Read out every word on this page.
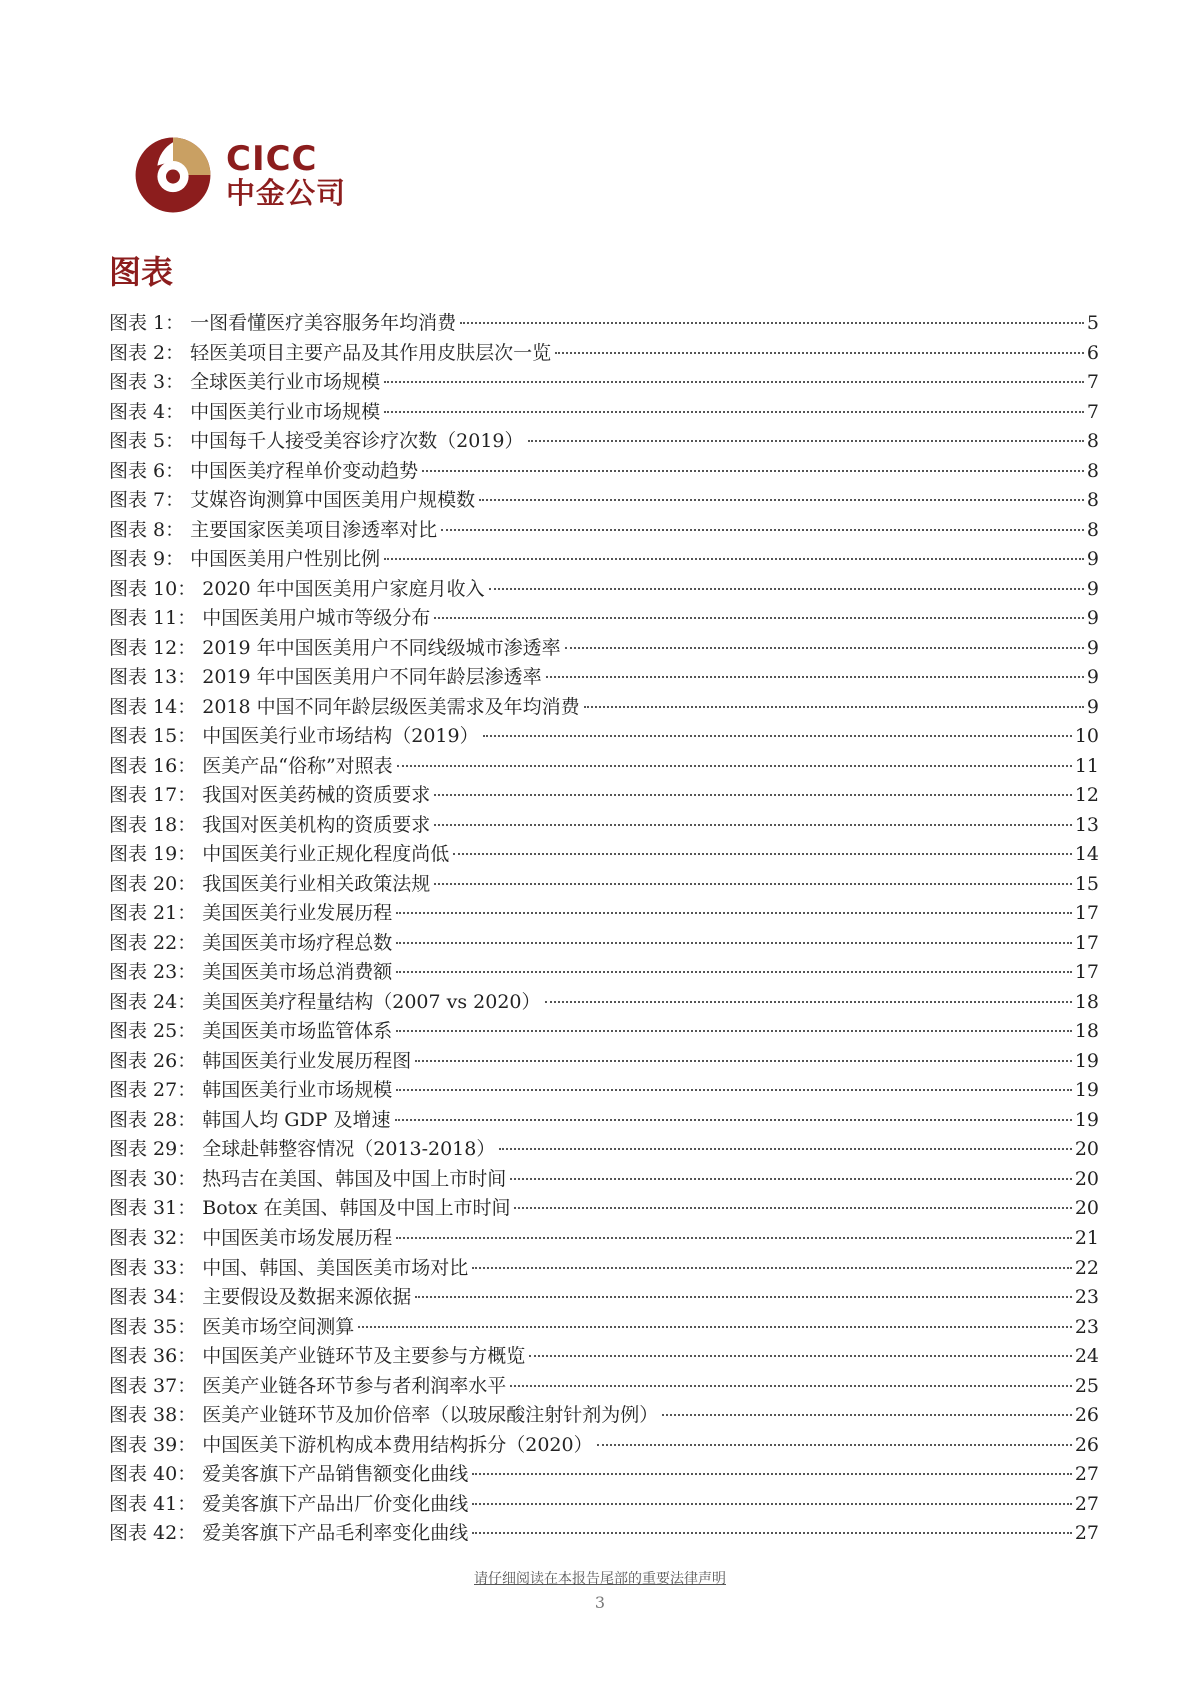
CICC
中金公司
图表
图表 1 ： 一图看懂医疗美容服务年均消费	5
图表 2 ： 轻医美项目主要产品及其作用皮肤层次一览	6
图表 3 ： 全球医美行业市场规模	7
图表 4 ： 中国医美行业市场规模	7
图表 5 ： 中国每千人接受美容诊疗次数（2019）	8
图表 6 ： 中国医美疗程单价变动趋势	8
图表 7 ： 艾媒咨询测算中国医美用户规模数	8
图表 8 ： 主要国家医美项目渗透率对比	8
图表 9 ： 中国医美用户性别比例	9
图表 10 ： 2020 年中国医美用户家庭月收入	9
图表 11 ： 中国医美用户城市等级分布	9
图表 12 ： 2019 年中国医美用户不同线级城市渗透率	9
图表 13 ： 2019 年中国医美用户不同年龄层渗透率	9
图表 14 ： 2018 中国不同年龄层级医美需求及年均消费	9
图表 15 ： 中国医美行业市场结构（2019）	10
图表 16 ： 医美产品“俗称”对照表	11
图表 17 ： 我国对医美药械的资质要求	12
图表 18 ： 我国对医美机构的资质要求	13
图表 19 ： 中国医美行业正规化程度尚低	14
图表 20 ： 我国医美行业相关政策法规	15
图表 21 ： 美国医美行业发展历程	17
图表 22 ： 美国医美市场疗程总数	17
图表 23 ： 美国医美市场总消费额	17
图表 24 ： 美国医美疗程量结构（2007 vs 2020）	18
图表 25 ： 美国医美市场监管体系	18
图表 26 ： 韩国医美行业发展历程图	19
图表 27 ： 韩国医美行业市场规模	19
图表 28 ： 韩国人均 GDP 及增速	19
图表 29 ： 全球赴韩整容情况（2013-2018）	20
图表 30 ： 热玛吉在美国、韩国及中国上市时间	20
图表 31 ： Botox 在美国、韩国及中国上市时间	20
图表 32 ： 中国医美市场发展历程	21
图表 33 ： 中国、韩国、美国医美市场对比	22
图表 34 ： 主要假设及数据来源依据	23
图表 35 ： 医美市场空间测算	23
图表 36 ： 中国医美产业链环节及主要参与方概览	24
图表 37 ： 医美产业链各环节参与者利润率水平	25
图表 38 ： 医美产业链环节及加价倍率（以玻尿酸注射针剂为例）	26
图表 39 ： 中国医美下游机构成本费用结构拆分（2020）	26
图表 40 ： 爱美客旗下产品销售额变化曲线	27
图表 41 ： 爱美客旗下产品出厂价变化曲线	27
图表 42 ： 爱美客旗下产品毛利率变化曲线	27
请仔细阅读在本报告尾部的重要法律声明
3
